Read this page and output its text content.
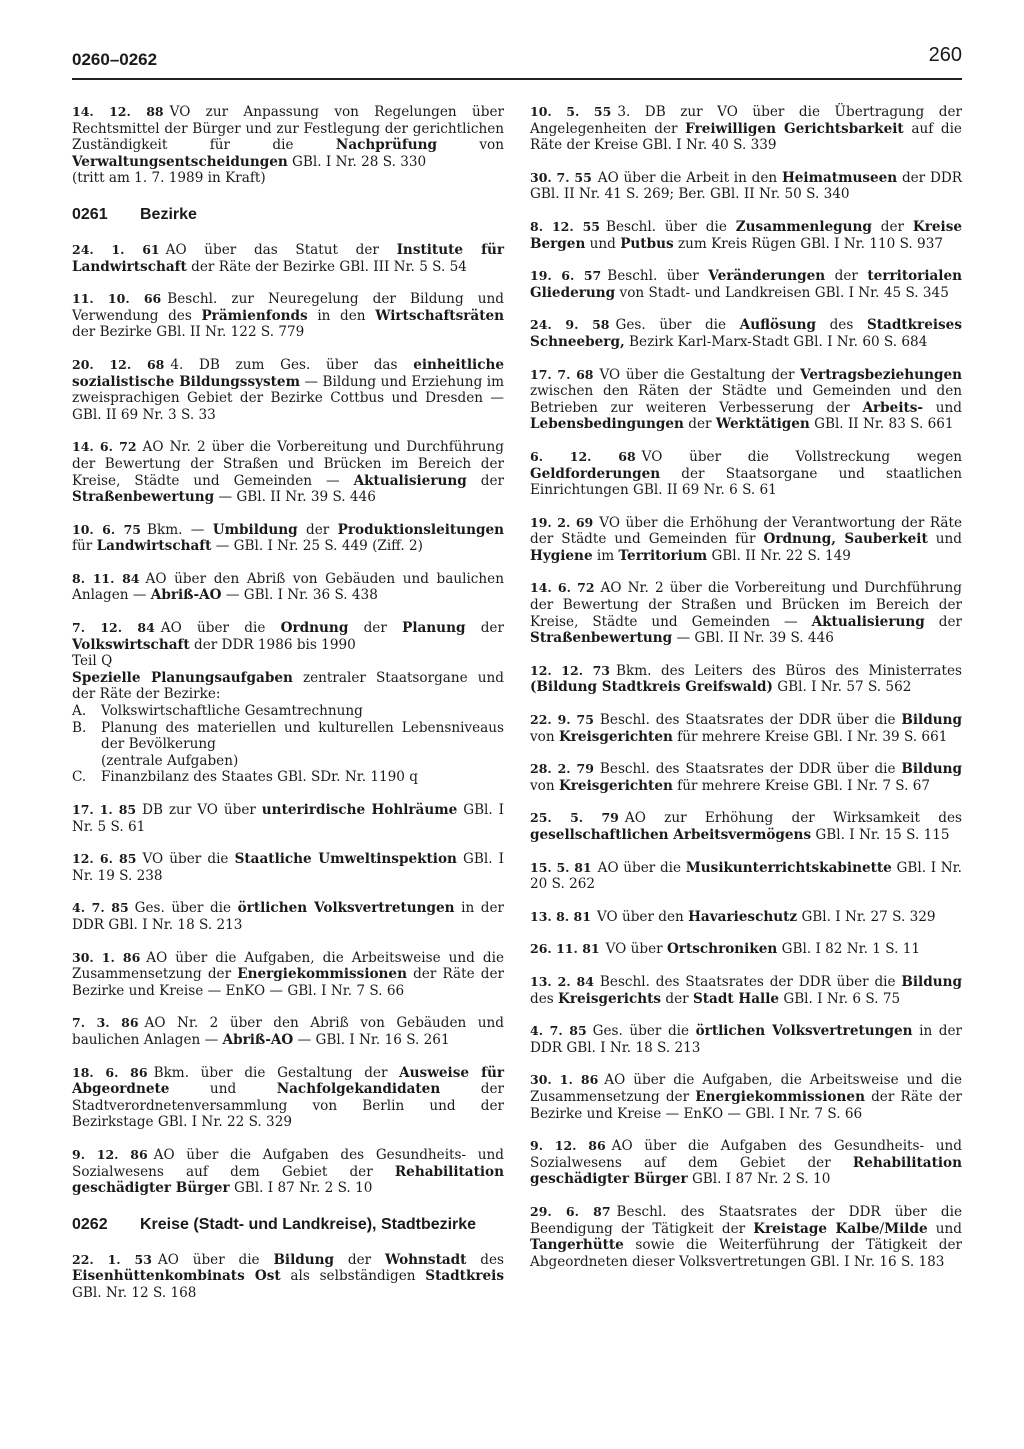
0260–0262	260

14. 12. 88 VO zur Anpassung von Regelungen über Rechtsmittel der Bürger und zur Festlegung der gerichtlichen Zuständigkeit für die Nachprüfung von Verwaltungsentscheidungen GBl. I Nr. 28 S. 330
(tritt am 1. 7. 1989 in Kraft)

0261	Bezirke

24. 1. 61 AO über das Statut der Institute für Landwirtschaft der Räte der Bezirke GBl. III Nr. 5 S. 54

11. 10. 66 Beschl. zur Neuregelung der Bildung und Verwendung des Prämienfonds in den Wirtschaftsräten der Bezirke GBl. II Nr. 122 S. 779

20. 12. 68 4. DB zum Ges. über das einheitliche sozialistische Bildungssystem — Bildung und Erziehung im zweisprachigen Gebiet der Bezirke Cottbus und Dresden — GBl. II 69 Nr. 3 S. 33

14. 6. 72 AO Nr. 2 über die Vorbereitung und Durchführung der Bewertung der Straßen und Brücken im Bereich der Kreise, Städte und Gemeinden — Aktualisierung der Straßenbewertung — GBl. II Nr. 39 S. 446

10. 6. 75 Bkm. — Umbildung der Produktionsleitungen für Landwirtschaft — GBl. I Nr. 25 S. 449 (Ziff. 2)

8. 11. 84 AO über den Abriß von Gebäuden und baulichen Anlagen — Abriß-AO — GBl. I Nr. 36 S. 438

7. 12. 84 AO über die Ordnung der Planung der Volkswirtschaft der DDR 1986 bis 1990
Teil Q
Spezielle Planungsaufgaben zentraler Staatsorgane und der Räte der Bezirke:
A.	Volkswirtschaftliche Gesamtrechnung
B.	Planung des materiellen und kulturellen Lebensniveaus der Bevölkerung
(zentrale Aufgaben)
C.	Finanzbilanz des Staates GBl. SDr. Nr. 1190 q

17. 1. 85 DB zur VO über unterirdische Hohlräume GBl. I Nr. 5 S. 61

12. 6. 85 VO über die Staatliche Umweltinspektion GBl. I Nr. 19 S. 238

4. 7. 85 Ges. über die örtlichen Volksvertretungen in der DDR GBl. I Nr. 18 S. 213

30. 1. 86 AO über die Aufgaben, die Arbeitsweise und die Zusammensetzung der Energiekommissionen der Räte der Bezirke und Kreise — EnKO — GBl. I Nr. 7 S. 66

7. 3. 86 AO Nr. 2 über den Abriß von Gebäuden und baulichen Anlagen — Abriß-AO — GBl. I Nr. 16 S. 261

18. 6. 86 Bkm. über die Gestaltung der Ausweise für Abgeordnete und Nachfolgekandidaten der Stadtverordnetenversammlung von Berlin und der Bezirkstage GBl. I Nr. 22 S. 329

9. 12. 86 AO über die Aufgaben des Gesundheits- und Sozialwesens auf dem Gebiet der Rehabilitation geschädigter Bürger GBl. I 87 Nr. 2 S. 10

0262	Kreise (Stadt- und Landkreise), Stadtbezirke

22. 1. 53 AO über die Bildung der Wohnstadt des Eisenhüttenkombinats Ost als selbständigen Stadtkreis GBl. Nr. 12 S. 168

10. 5. 55 3. DB zur VO über die Übertragung der Angelegenheiten der Freiwilligen Gerichtsbarkeit auf die Räte der Kreise GBl. I Nr. 40 S. 339

30. 7. 55 AO über die Arbeit in den Heimatmuseen der DDR GBl. II Nr. 41 S. 269; Ber. GBl. II Nr. 50 S. 340

8. 12. 55 Beschl. über die Zusammenlegung der Kreise Bergen und Putbus zum Kreis Rügen GBl. I Nr. 110 S. 937

19. 6. 57 Beschl. über Veränderungen der territorialen Gliederung von Stadt- und Landkreisen GBl. I Nr. 45 S. 345

24. 9. 58 Ges. über die Auflösung des Stadtkreises Schneeberg, Bezirk Karl-Marx-Stadt GBl. I Nr. 60 S. 684

17. 7. 68 VO über die Gestaltung der Vertragsbeziehungen zwischen den Räten der Städte und Gemeinden und den Betrieben zur weiteren Verbesserung der Arbeits- und Lebensbedingungen der Werktätigen GBl. II Nr. 83 S. 661

6. 12. 68 VO über die Vollstreckung wegen Geldforderungen der Staatsorgane und staatlichen Einrichtungen GBl. II 69 Nr. 6 S. 61

19. 2. 69 VO über die Erhöhung der Verantwortung der Räte der Städte und Gemeinden für Ordnung, Sauberkeit und Hygiene im Territorium GBl. II Nr. 22 S. 149

14. 6. 72 AO Nr. 2 über die Vorbereitung und Durchführung der Bewertung der Straßen und Brücken im Bereich der Kreise, Städte und Gemeinden — Aktualisierung der Straßenbewertung — GBl. II Nr. 39 S. 446

12. 12. 73 Bkm. des Leiters des Büros des Ministerrates (Bildung Stadtkreis Greifswald) GBl. I Nr. 57 S. 562

22. 9. 75 Beschl. des Staatsrates der DDR über die Bildung von Kreisgerichten für mehrere Kreise GBl. I Nr. 39 S. 661

28. 2. 79 Beschl. des Staatsrates der DDR über die Bildung von Kreisgerichten für mehrere Kreise GBl. I Nr. 7 S. 67

25. 5. 79 AO zur Erhöhung der Wirksamkeit des gesellschaftlichen Arbeitsvermögens GBl. I Nr. 15 S. 115

15. 5. 81 AO über die Musikunterrichtskabinette GBl. I Nr. 20 S. 262

13. 8. 81 VO über den Havarieschutz GBl. I Nr. 27 S. 329

26. 11. 81 VO über Ortschroniken GBl. I 82 Nr. 1 S. 11

13. 2. 84 Beschl. des Staatsrates der DDR über die Bildung des Kreisgerichts der Stadt Halle GBl. I Nr. 6 S. 75

4. 7. 85 Ges. über die örtlichen Volksvertretungen in der DDR GBl. I Nr. 18 S. 213

30. 1. 86 AO über die Aufgaben, die Arbeitsweise und die Zusammensetzung der Energiekommissionen der Räte der Bezirke und Kreise — EnKO — GBl. I Nr. 7 S. 66

9. 12. 86 AO über die Aufgaben des Gesundheits- und Sozialwesens auf dem Gebiet der Rehabilitation geschädigter Bürger GBl. I 87 Nr. 2 S. 10

29. 6. 87 Beschl. des Staatsrates der DDR über die Beendigung der Tätigkeit der Kreistage Kalbe/Milde und Tangerhütte sowie die Weiterführung der Tätigkeit der Abgeordneten dieser Volksvertretungen GBl. I Nr. 16 S. 183
